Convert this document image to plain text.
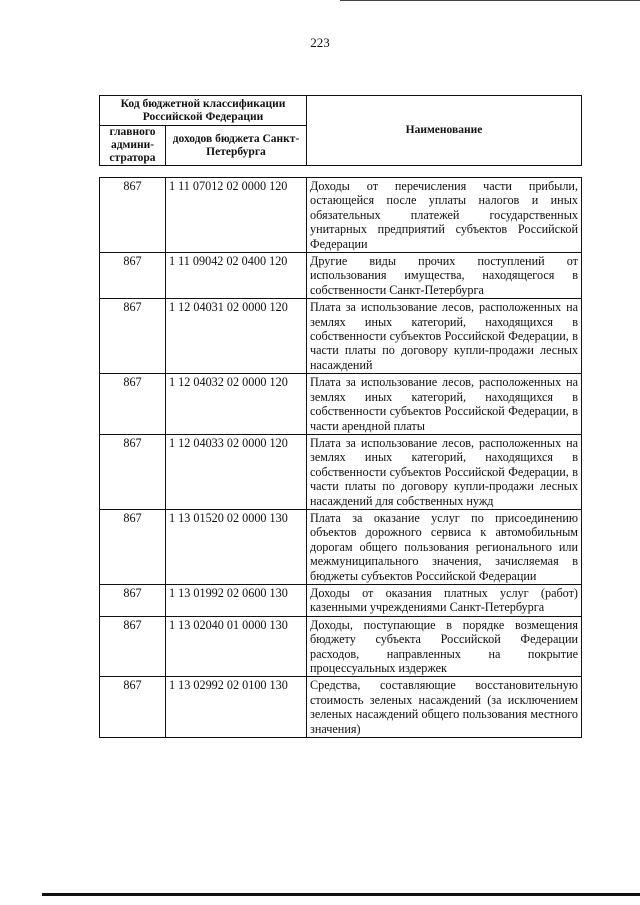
223
Код бюджетной классификации Российской Федерации		Наименование
главного админи-стратора	доходов бюджета Санкт-Петербурга	
867	1 11 07012 02 0000 120	Доходы от перечисления части прибыли, остающейся после уплаты налогов и иных обязательных платежей государственных унитарных предприятий субъектов Российской Федерации
867	1 11 09042 02 0400 120	Другие виды прочих поступлений от использования имущества, находящегося в собственности Санкт-Петербурга
867	1 12 04031 02 0000 120	Плата за использование лесов, расположенных на землях иных категорий, находящихся в собственности субъектов Российской Федерации, в части платы по договору купли-продажи лесных насаждений
867	1 12 04032 02 0000 120	Плата за использование лесов, расположенных на землях иных категорий, находящихся в собственности субъектов Российской Федерации, в части арендной платы
867	1 12 04033 02 0000 120	Плата за использование лесов, расположенных на землях иных категорий, находящихся в собственности субъектов Российской Федерации, в части платы по договору купли-продажи лесных насаждений для собственных нужд
867	1 13 01520 02 0000 130	Плата за оказание услуг по присоединению объектов дорожного сервиса к автомобильным дорогам общего пользования регионального или межмуниципального значения, зачисляемая в бюджеты субъектов Российской Федерации
867	1 13 01992 02 0600 130	Доходы от оказания платных услуг (работ) казенными учреждениями Санкт-Петербурга
867	1 13 02040 01 0000 130	Доходы, поступающие в порядке возмещения бюджету субъекта Российской Федерации расходов, направленных на покрытие процессуальных издержек
867	1 13 02992 02 0100 130	Средства, составляющие восстановительную стоимость зеленых насаждений (за исключением зеленых насаждений общего пользования местного значения)
